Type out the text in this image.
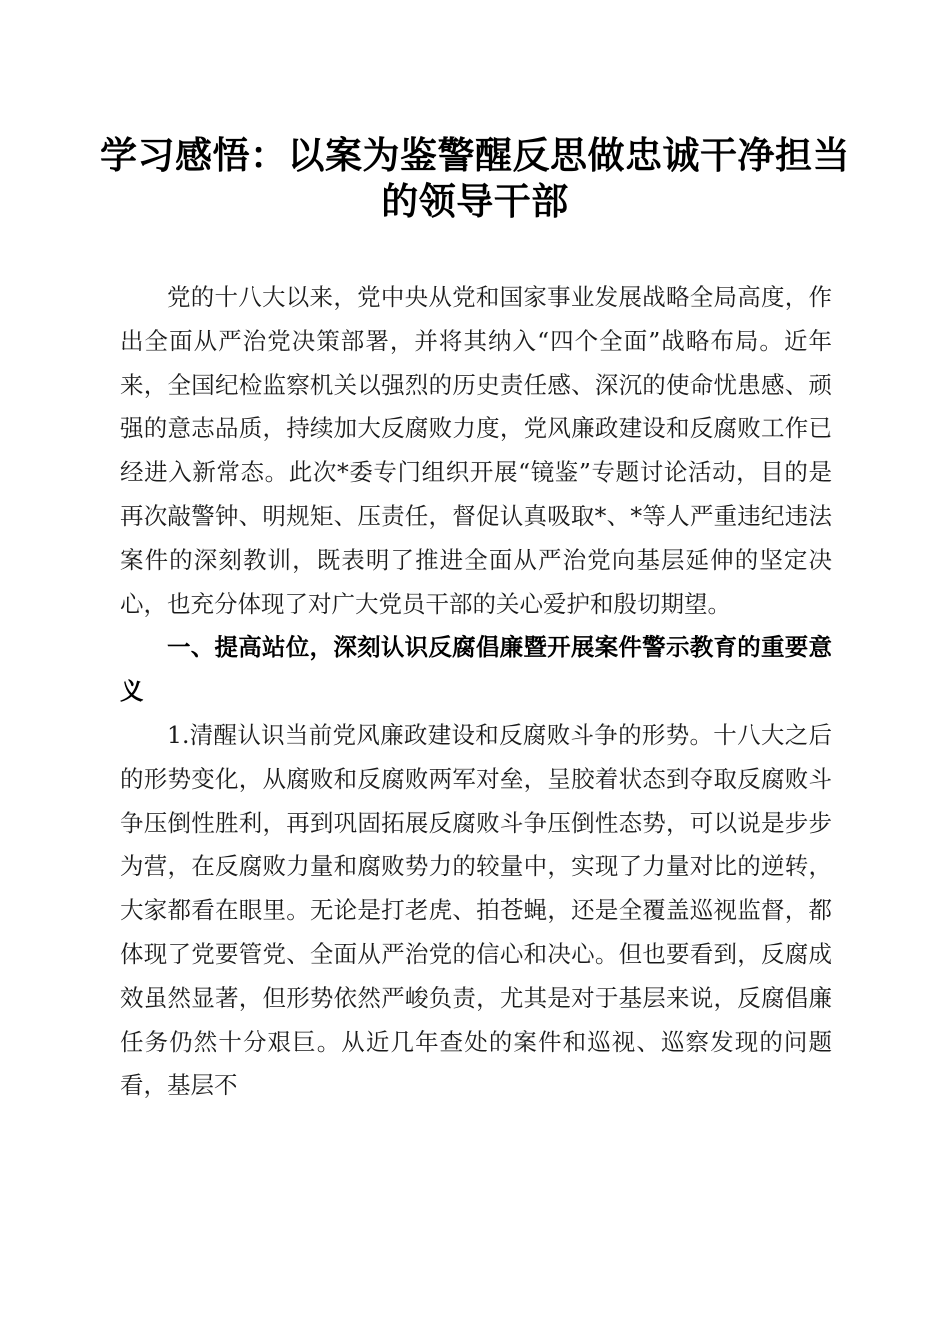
学习感悟：以案为鉴警醒反思做忠诚干净担当
的领导干部

党的十八大以来，党中央从党和国家事业发展战略全局高度，作出全面从严治党决策部署，并将其纳入“四个全面”战略布局。近年来，全国纪检监察机关以强烈的历史责任感、深沉的使命忧患感、顽强的意志品质，持续加大反腐败力度，党风廉政建设和反腐败工作已经进入新常态。此次*委专门组织开展“镜鉴”专题讨论活动，目的是再次敲警钟、明规矩、压责任，督促认真吸取*、*等人严重违纪违法案件的深刻教训，既表明了推进全面从严治党向基层延伸的坚定决心，也充分体现了对广大党员干部的关心爱护和殷切期望。

一、提高站位，深刻认识反腐倡廉暨开展案件警示教育的重要意义

1.清醒认识当前党风廉政建设和反腐败斗争的形势。十八大之后的形势变化，从腐败和反腐败两军对垒，呈胶着状态到夺取反腐败斗争压倒性胜利，再到巩固拓展反腐败斗争压倒性态势，可以说是步步为营，在反腐败力量和腐败势力的较量中，实现了力量对比的逆转，大家都看在眼里。无论是打老虎、拍苍蝇，还是全覆盖巡视监督，都体现了党要管党、全面从严治党的信心和决心。但也要看到，反腐成效虽然显著，但形势依然严峻负责，尤其是对于基层来说，反腐倡廉任务仍然十分艰巨。从近几年查处的案件和巡视、巡察发现的问题看，基层不
